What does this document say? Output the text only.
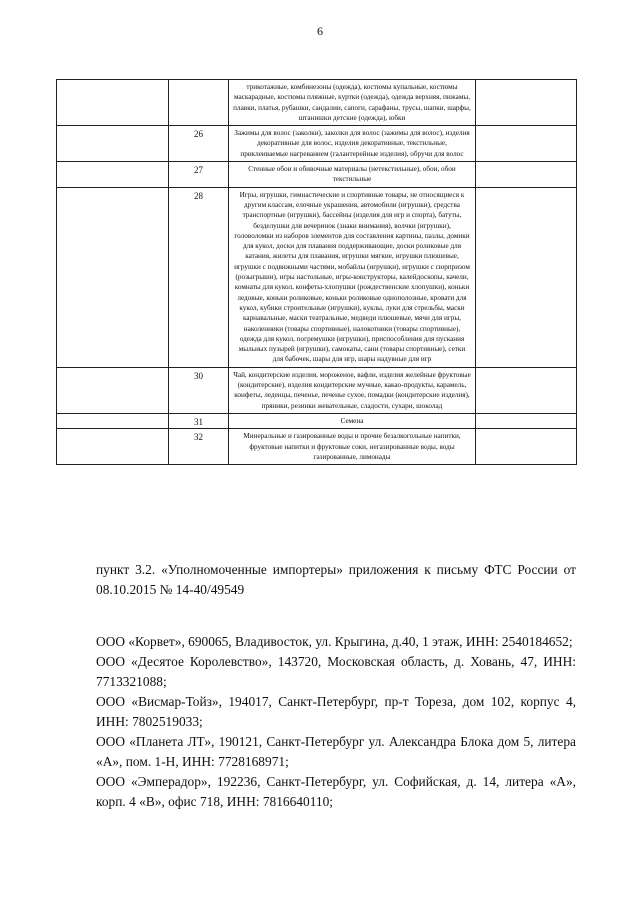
6
		трикотажные, комбинезоны (одежда), костюмы купальные, костюмы маскарадные, костюмы пляжные, куртки (одежда), одежда верхняя, пижамы, плавки, платья, рубашки, сандалии, сапоги, сарафаны, трусы, шапки, шарфы, штанишки детские (одежда), юбки	
	26	Зажимы для волос (заколки), заколки для волос (зажимы для волос), изделия декоративные для волос, изделия декоративные, текстильные, приклеиваемые нагреванием (галантерейные изделия), обручи для волос	
	27	Стенные обои и обивочные материалы (нетекстильные), обои, обои текстильные	
	28	Игры, игрушки, гимнастические и спортивные товары, не относящиеся к другим классам, елочные украшения, автомобили (игрушки), средства транспортные (игрушки), бассейны (изделия для игр и спорта), батуты, безделушки для вечеринок (знаки внимания), волчки (игрушки), головоломки из наборов элементов для составления картины, пазлы, домики для кукол, доски для плавания поддерживающие, доски роликовые для катания, жилеты для плавания, игрушки мягкие, игрушки плюшевые, игрушки с подвижными частями, мобайлы (игрушки), игрушки с сюрпризом (розыгрыши), игры настольные, игры-конструкторы, калейдоскопы, качели, комнаты для кукол, конфеты-хлопушки (рождественские хлопушки), коньки ледовые, коньки роликовые, коньки роликовые однополозные, кровати для кукол, кубики строительные (игрушки), куклы, луки для стрельбы, маски карнавальные, маски театральные, медведи плюшевые, мячи для игры, наколенники (товары спортивные), налокотники (товары спортивные), одежда для кукол, погремушки (игрушки), приспособления для пускания мыльных пузырей (игрушки), самокаты, сани (товары спортивные), сетки для бабочек, шары для игр, шары надувные для игр	
	30	Чай, кондитерские изделия, мороженое, вафли, изделия желейные фруктовые (кондитерские), изделия кондитерские мучные, какао-продукты, карамель, конфеты, леденцы, печенье, печенье сухое, помадки (кондитерские изделия), пряники, резинки жевательные, сладости, сухари, шоколад	
	31	Семена	
	32	Минеральные и газированные воды и прочие безалкогольные напитки, фруктовые напитки и фруктовые соки, негазированные воды, воды газированные, лимонады	
пункт 3.2. «Уполномоченные импортеры» приложения к письму ФТС России от 08.10.2015 № 14-40/49549

ООО «Корвет», 690065, Владивосток, ул. Крыгина, д.40, 1 этаж, ИНН: 2540184652;

ООО «Десятое Королевство», 143720, Московская область, д. Ховань, 47, ИНН: 7713321088;

ООО «Висмар-Тойз», 194017, Санкт-Петербург, пр-т Тореза, дом 102, корпус 4, ИНН: 7802519033;

ООО «Планета ЛТ», 190121, Санкт-Петербург ул. Александра Блока дом 5, литера «А», пом. 1-Н, ИНН: 7728168971;

ООО «Эмперадор», 192236, Санкт-Петербург, ул. Софийская, д. 14, литера «А», корп. 4 «В», офис 718, ИНН: 7816640110;
